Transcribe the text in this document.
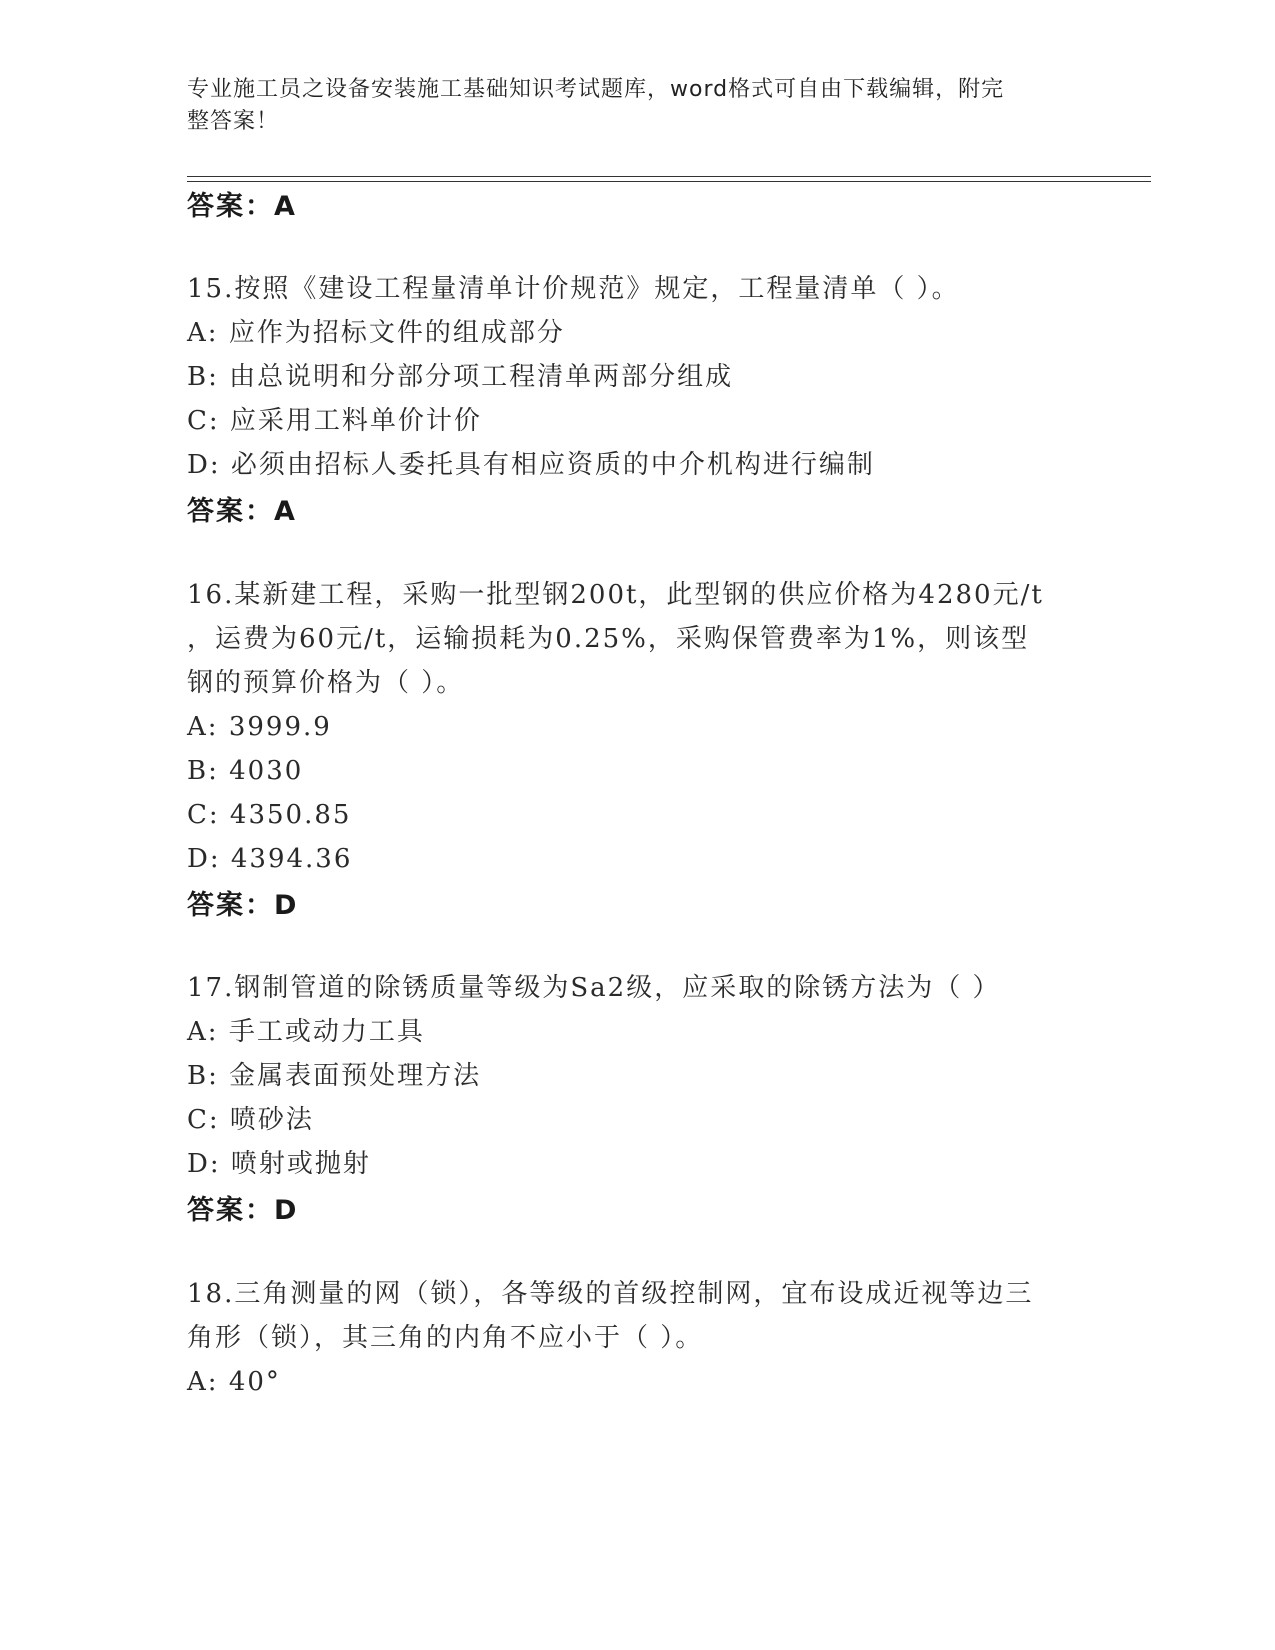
专业施工员之设备安装施工基础知识考试题库，word格式可自由下载编辑，附完
整答案！
答案：A
15.按照《建设工程量清单计价规范》规定，工程量清单（ ）。
A: 应作为招标文件的组成部分
B: 由总说明和分部分项工程清单两部分组成
C: 应采用工料单价计价
D: 必须由招标人委托具有相应资质的中介机构进行编制
答案：A
16.某新建工程，采购一批型钢200t，此型钢的供应价格为4280元/t
，运费为60元/t，运输损耗为0.25%，采购保管费率为1%，则该型
钢的预算价格为（ ）。
A: 3999.9
B: 4030
C: 4350.85
D: 4394.36
答案：D
17.钢制管道的除锈质量等级为Sa2级，应采取的除锈方法为（ ）
A: 手工或动力工具
B: 金属表面预处理方法
C: 喷砂法
D: 喷射或抛射
答案：D
18.三角测量的网（锁），各等级的首级控制网，宜布设成近视等边三
角形（锁），其三角的内角不应小于（ ）。
A: 40°
